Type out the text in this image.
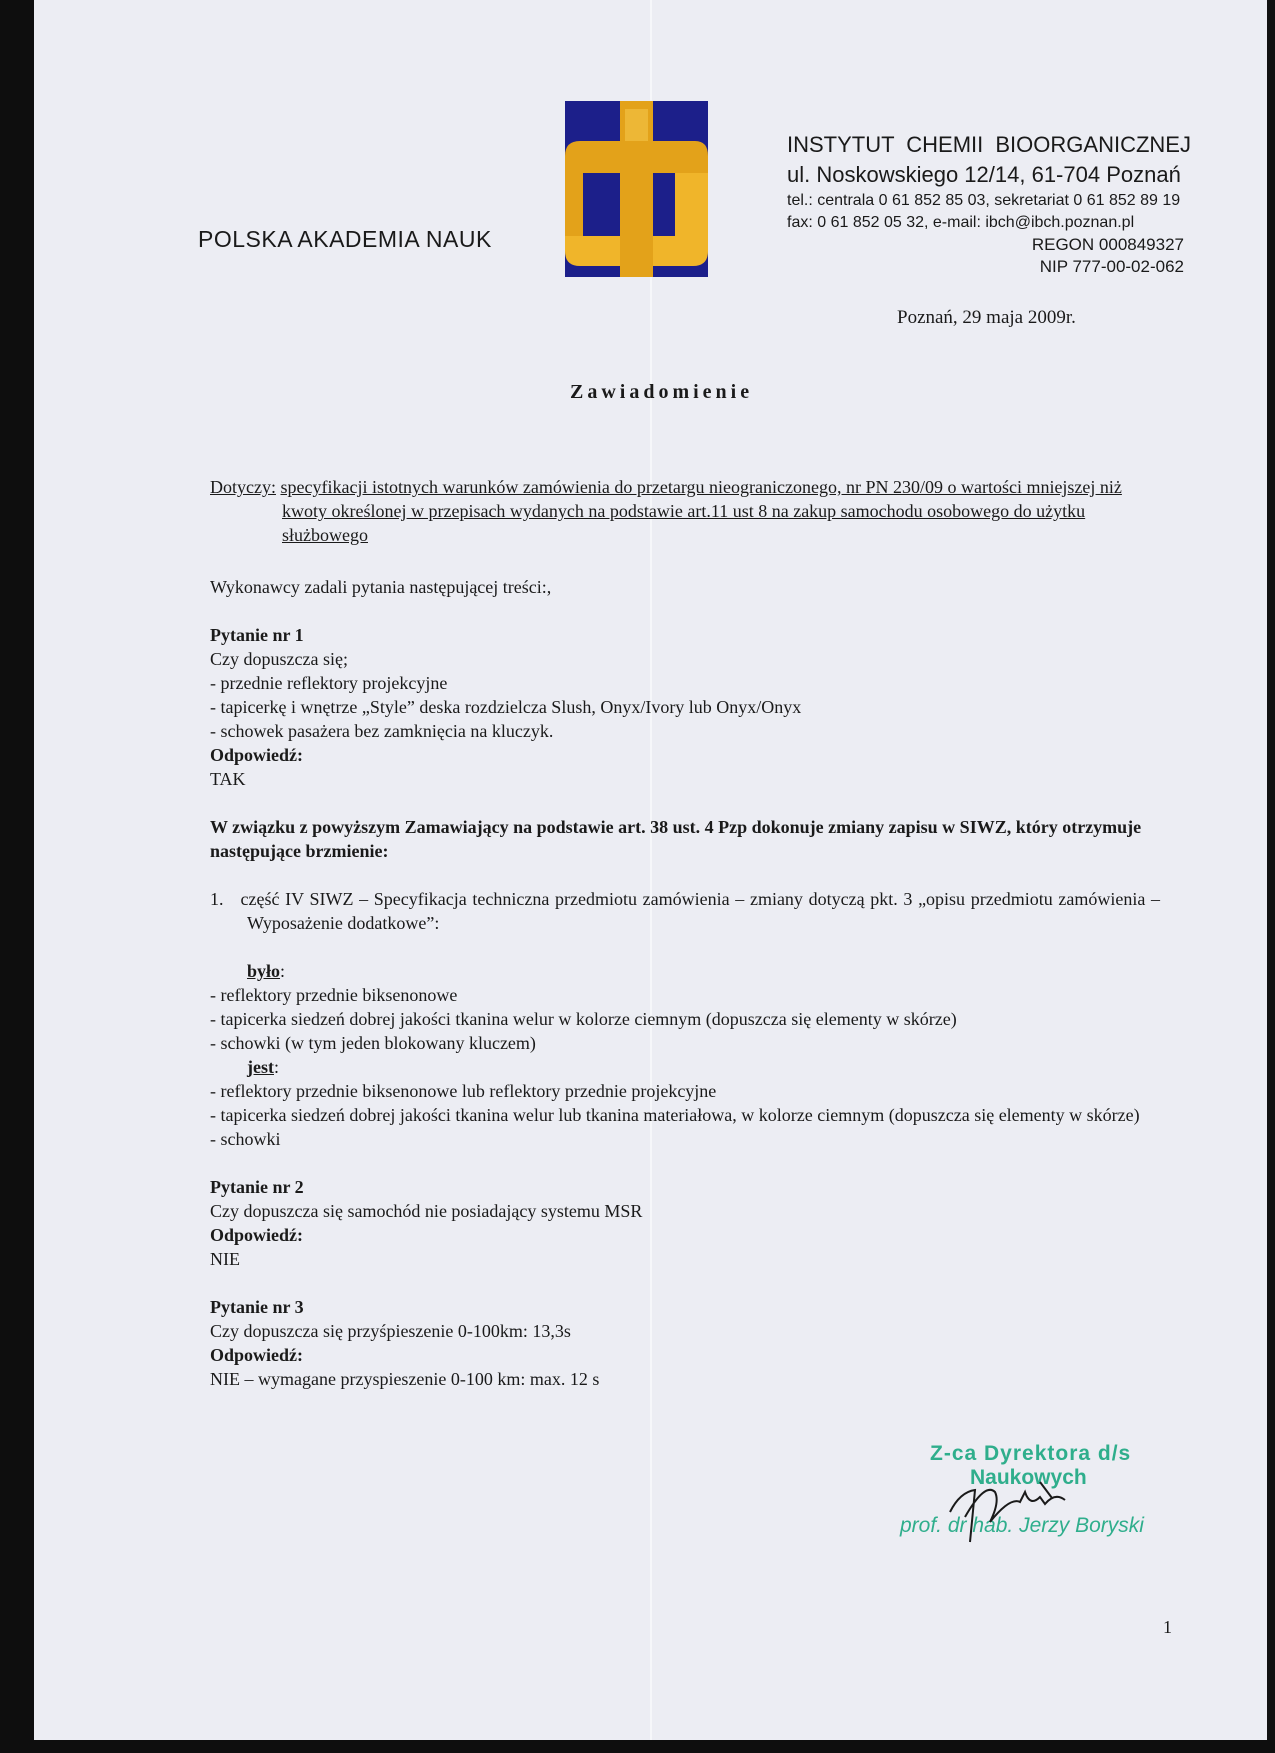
POLSKA AKADEMIA NAUK
INSTYTUT CHEMII BIOORGANICZNEJ
ul. Noskowskiego 12/14, 61-704 Poznań
tel.: centrala 0 61 852 85 03, sekretariat 0 61 852 89 19
fax: 0 61 852 05 32, e-mail: ibch@ibch.poznan.pl
REGON 000849327
NIP 777-00-02-062
Poznań, 29 maja 2009r.
Zawiadomienie
Dotyczy: specyfikacji istotnych warunków zamówienia do przetargu nieograniczonego, nr PN 230/09 o wartości mniejszej niż kwoty określonej w przepisach wydanych na podstawie art.11 ust 8 na zakup samochodu osobowego do użytku służbowego

Wykonawcy zadali pytania następującej treści:,

Pytanie nr 1

Czy dopuszcza się;

- przednie reflektory projekcyjne

- tapicerkę i wnętrze „Style” deska rozdzielcza Slush, Onyx/Ivory lub Onyx/Onyx

- schowek pasażera bez zamknięcia na kluczyk.

Odpowiedź:

TAK

W związku z powyższym Zamawiający na podstawie art. 38 ust. 4 Pzp dokonuje zmiany zapisu w SIWZ, który otrzymuje następujące brzmienie:

1. część IV SIWZ – Specyfikacja techniczna przedmiotu zamówienia – zmiany dotyczą pkt. 3 „opisu przedmiotu zamówienia – Wyposażenie dodatkowe”:
było:
- reflektory przednie biksenonowe
- tapicerka siedzeń dobrej jakości tkanina welur w kolorze ciemnym (dopuszcza się elementy w skórze)
- schowki (w tym jeden blokowany kluczem)
jest:
- reflektory przednie biksenonowe lub reflektory przednie projekcyjne
- tapicerka siedzeń dobrej jakości tkanina welur lub tkanina materiałowa, w kolorze ciemnym (dopuszcza się elementy w skórze)
- schowki

Pytanie nr 2

Czy dopuszcza się samochód nie posiadający systemu MSR

Odpowiedź:

NIE

Pytanie nr 3

Czy dopuszcza się przyśpieszenie 0-100km: 13,3s

Odpowiedź:

NIE – wymagane przyspieszenie 0-100 km: max. 12 s

Z-ca Dyrektora d/s
Naukowych
prof. dr hab. Jerzy Boryski
1
